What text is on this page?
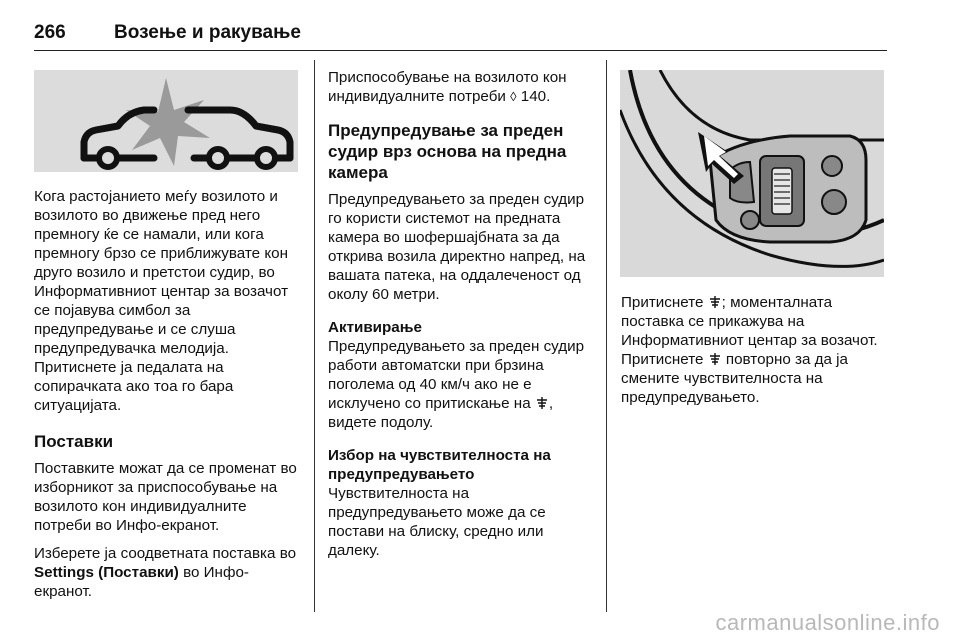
266	Возење и ракување

Кога растојанието меѓу возилото и возилото во движење пред него премногу ќе се намали, или кога премногу брзо се приближувате кон друго возило и претстои судир, во Информативниот центар за возачот се појавува симбол за предупредување и се слуша предупредувачка мелодија. Притиснете ја педалата на сопирачката ако тоа го бара ситуацијата.

Поставки

Поставките можат да се променат во изборникот за приспособување на возилото кон индивидуалните потреби во Инфо-екранот.

Изберете ја соодветната поставка во Settings (Поставки) во Инфо-екранот.

Приспособување на возилото кон индивидуалните потреби ◊ 140.

Предупредување за преден судир врз основа на предна камера

Предупредувањето за преден судир го користи системот на предната камера во шофершајбната за да открива возила директно напред, на вашата патека, на оддалеченост од околу 60 метри.

Активирање

Предупредувањето за преден судир работи автоматски при брзина поголема од 40 км/ч ако не е исклучено со притискање на , видете подолу.

Избор на чувствителноста на предупредувањето

Чувствителноста на предупредувањето може да се постави на блиску, средно или далеку.

Притиснете ; моменталната поставка се прикажува на Информативниот центар за возачот. Притиснете  повторно за да ја смените чувствителноста на предупредувањето.

carmanualsonline.info
